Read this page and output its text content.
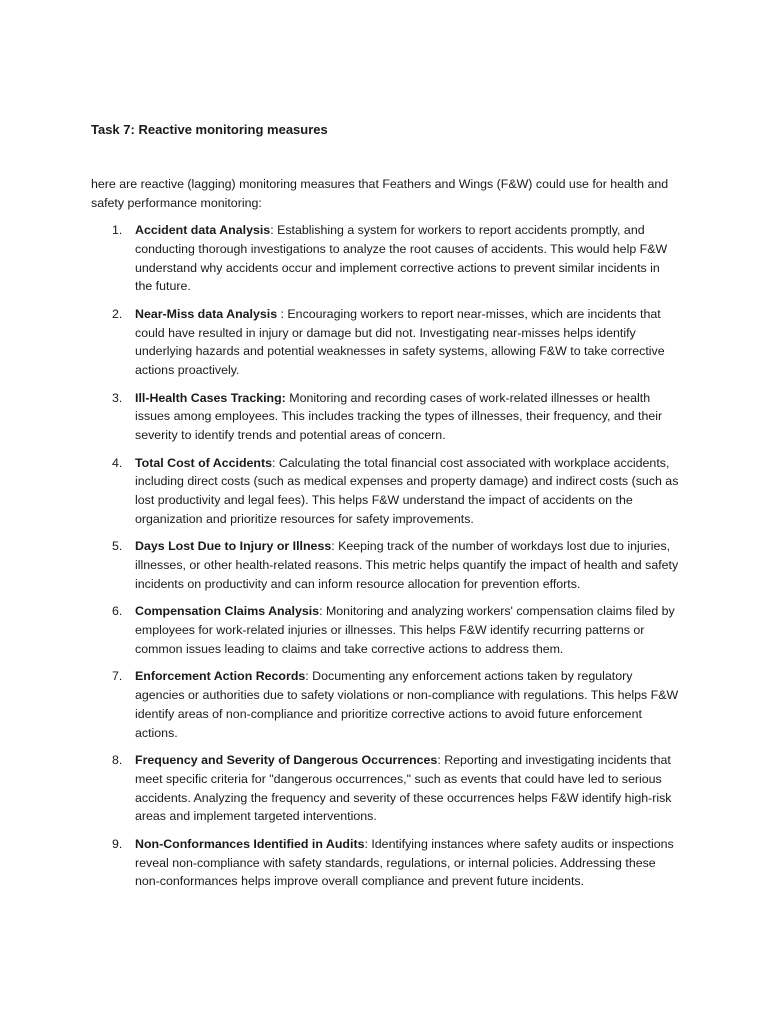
Task 7: Reactive monitoring measures
here are reactive (lagging) monitoring measures that Feathers and Wings (F&W) could use for health and safety performance monitoring:
1.	Accident data Analysis: Establishing a system for workers to report accidents promptly, and conducting thorough investigations to analyze the root causes of accidents. This would help F&W understand why accidents occur and implement corrective actions to prevent similar incidents in the future.
2.	Near-Miss data Analysis : Encouraging workers to report near-misses, which are incidents that could have resulted in injury or damage but did not. Investigating near-misses helps identify underlying hazards and potential weaknesses in safety systems, allowing F&W to take corrective actions proactively.
3.	Ill-Health Cases Tracking: Monitoring and recording cases of work-related illnesses or health issues among employees. This includes tracking the types of illnesses, their frequency, and their severity to identify trends and potential areas of concern.
4.	Total Cost of Accidents: Calculating the total financial cost associated with workplace accidents, including direct costs (such as medical expenses and property damage) and indirect costs (such as lost productivity and legal fees). This helps F&W understand the impact of accidents on the organization and prioritize resources for safety improvements.
5.	Days Lost Due to Injury or Illness: Keeping track of the number of workdays lost due to injuries, illnesses, or other health-related reasons. This metric helps quantify the impact of health and safety incidents on productivity and can inform resource allocation for prevention efforts.
6.	Compensation Claims Analysis: Monitoring and analyzing workers' compensation claims filed by employees for work-related injuries or illnesses. This helps F&W identify recurring patterns or common issues leading to claims and take corrective actions to address them.
7.	Enforcement Action Records: Documenting any enforcement actions taken by regulatory agencies or authorities due to safety violations or non-compliance with regulations. This helps F&W identify areas of non-compliance and prioritize corrective actions to avoid future enforcement actions.
8.	Frequency and Severity of Dangerous Occurrences: Reporting and investigating incidents that meet specific criteria for "dangerous occurrences," such as events that could have led to serious accidents. Analyzing the frequency and severity of these occurrences helps F&W identify high-risk areas and implement targeted interventions.
9.	Non-Conformances Identified in Audits: Identifying instances where safety audits or inspections reveal non-compliance with safety standards, regulations, or internal policies. Addressing these non-conformances helps improve overall compliance and prevent future incidents.
